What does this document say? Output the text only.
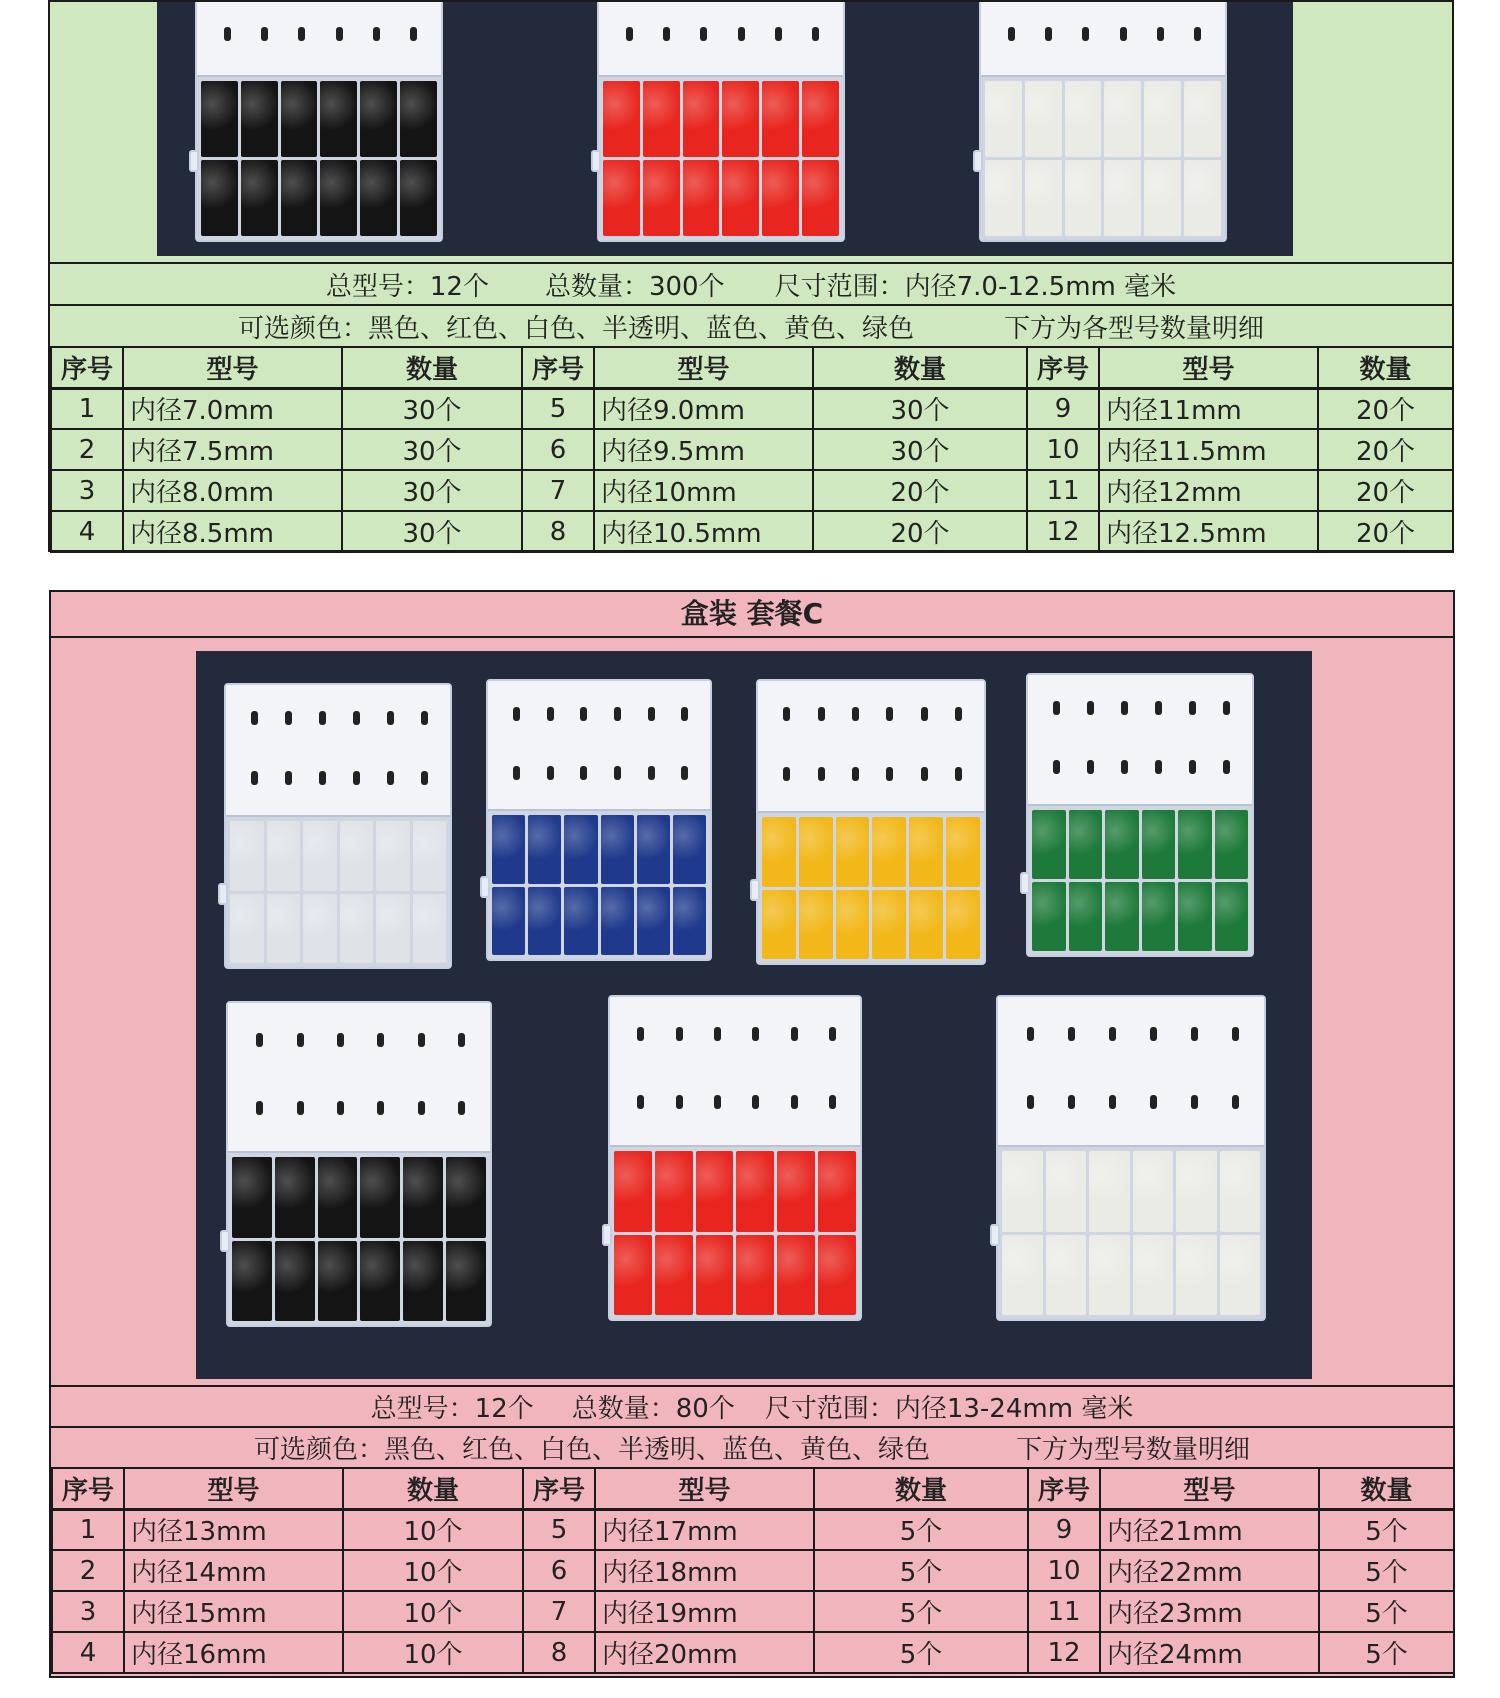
总型号：12个 总数量：300个 尺寸范围：内径7.0-12.5mm 毫米
可选颜色：黑色、红色、白色、半透明、蓝色、黄色、绿色	下方为各型号数量明细
序号	型号	数量	序号	型号	数量	序号	型号	数量
1	内径7.0mm	30个	5	内径9.0mm	30个	9	内径11mm	20个
2	内径7.5mm	30个	6	内径9.5mm	30个	10	内径11.5mm	20个
3	内径8.0mm	30个	7	内径10mm	20个	11	内径12mm	20个
4	内径8.5mm	30个	8	内径10.5mm	20个	12	内径12.5mm	20个
盒装 套餐C
总型号：12个 总数量：80个 尺寸范围：内径13-24mm 毫米
可选颜色：黑色、红色、白色、半透明、蓝色、黄色、绿色	下方为型号数量明细
序号	型号	数量	序号	型号	数量	序号	型号	数量
1	内径13mm	10个	5	内径17mm	5个	9	内径21mm	5个
2	内径14mm	10个	6	内径18mm	5个	10	内径22mm	5个
3	内径15mm	10个	7	内径19mm	5个	11	内径23mm	5个
4	内径16mm	10个	8	内径20mm	5个	12	内径24mm	5个
